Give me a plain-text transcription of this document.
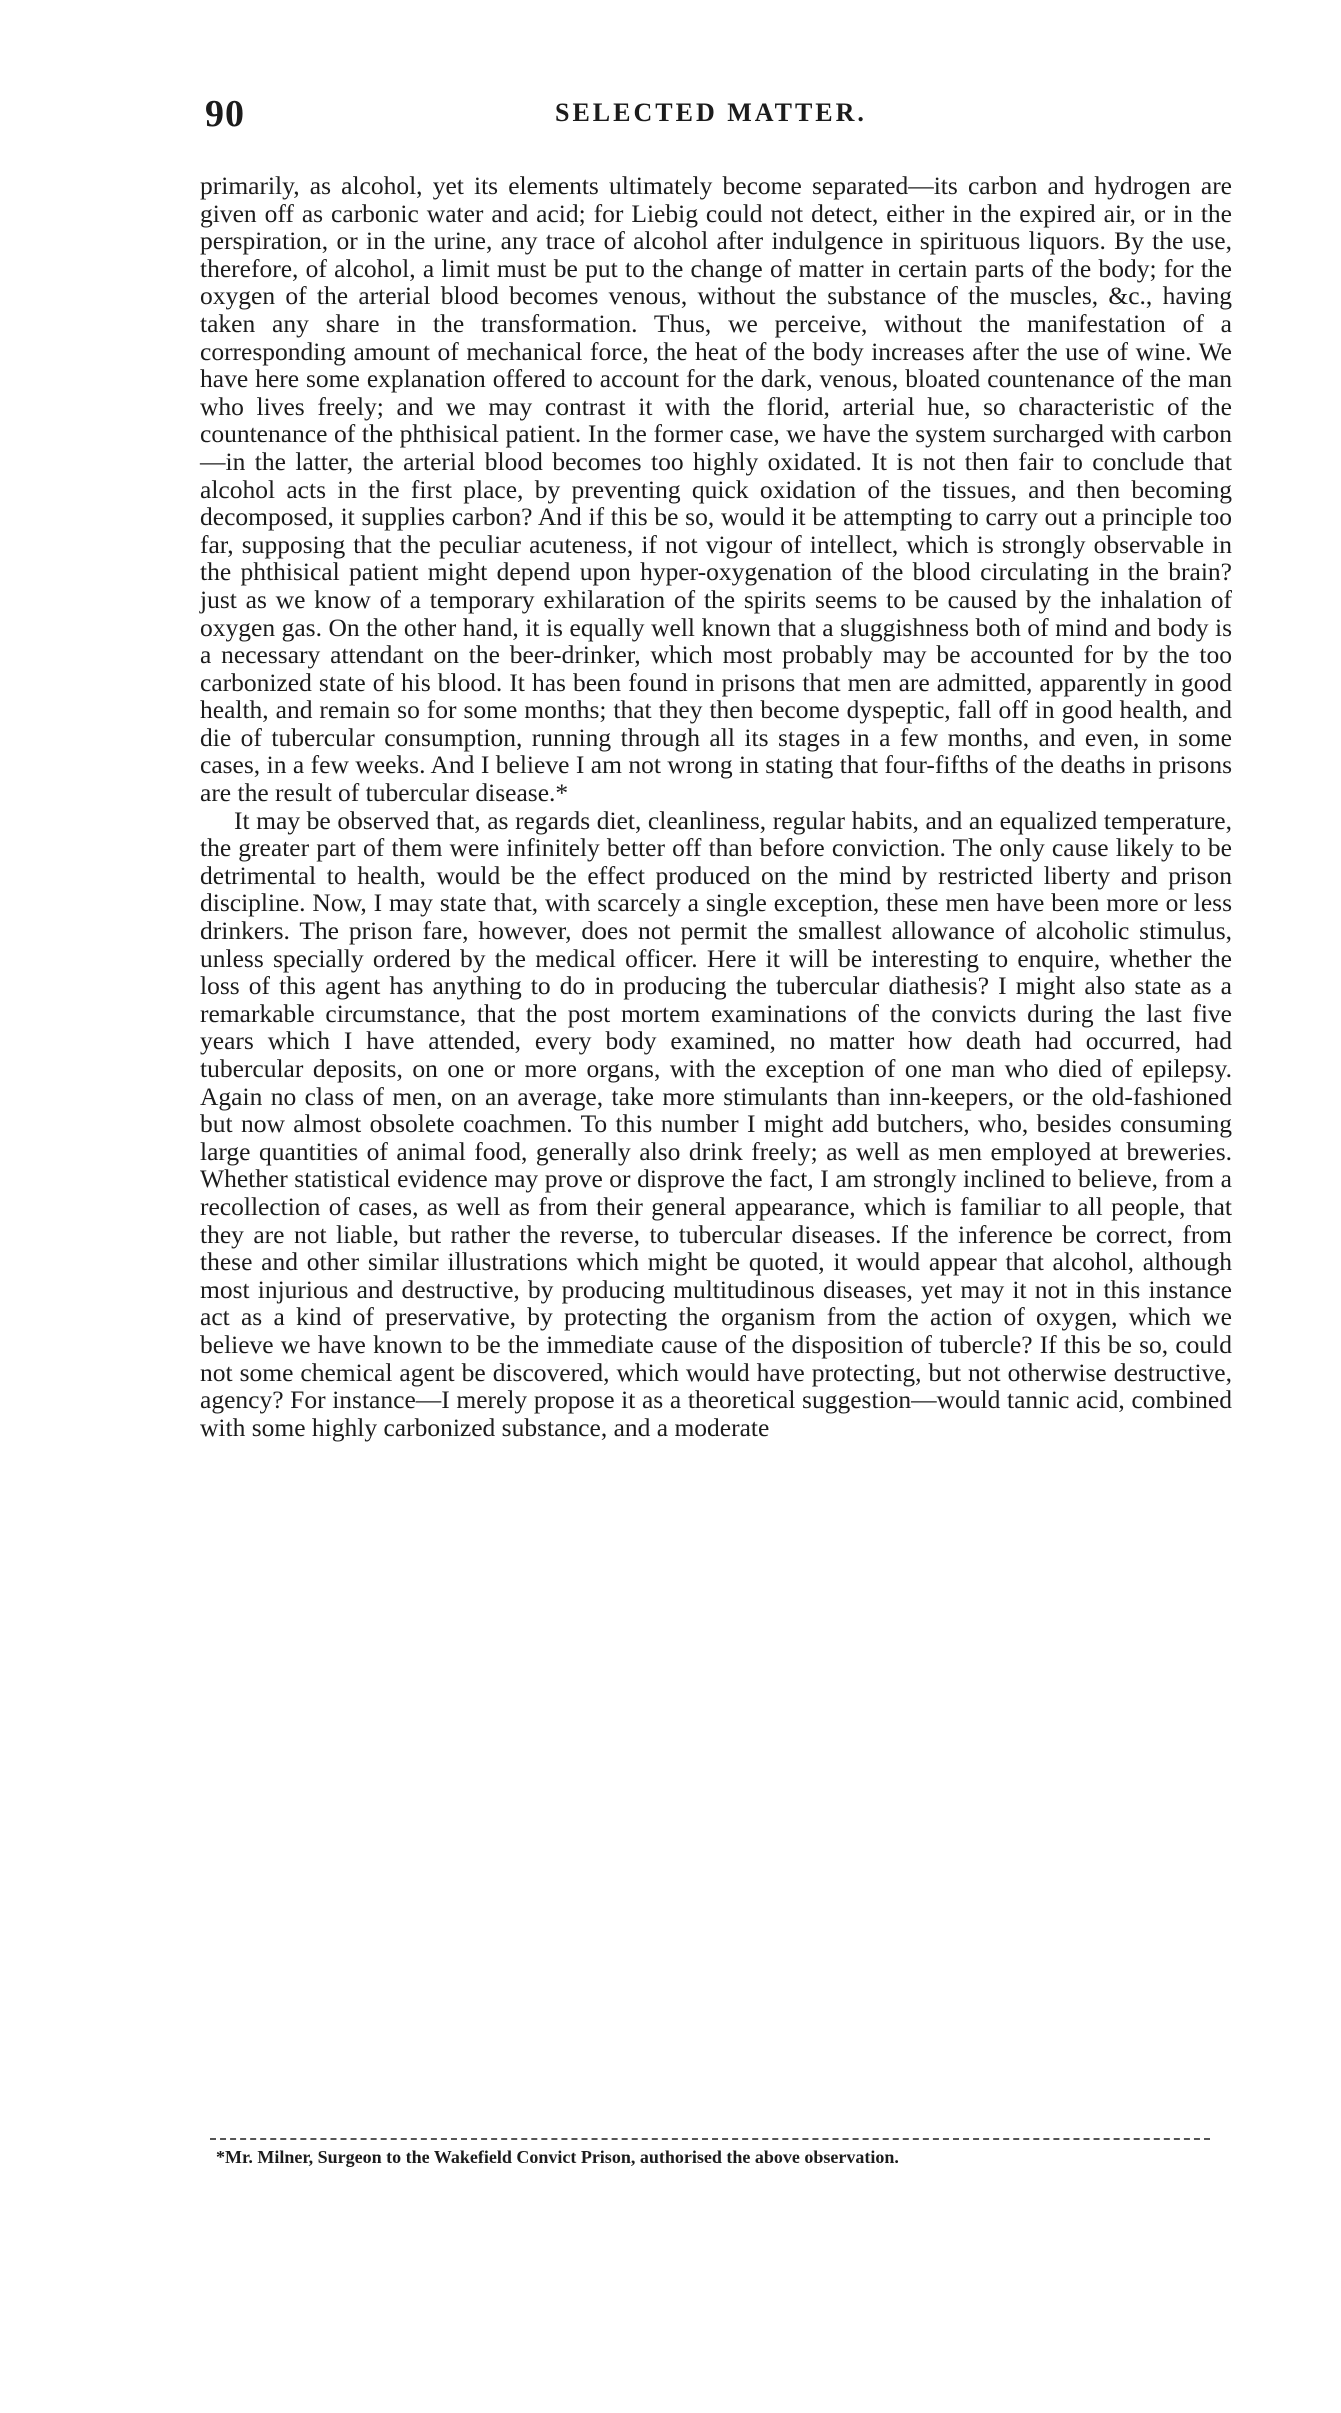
90	SELECTED MATTER.

primarily, as alcohol, yet its elements ultimately become separated—its carbon and hydrogen are given off as carbonic water and acid; for Liebig could not detect, either in the expired air, or in the perspiration, or in the urine, any trace of alcohol after indulgence in spirituous liquors. By the use, therefore, of alcohol, a limit must be put to the change of matter in certain parts of the body; for the oxygen of the arterial blood becomes venous, without the substance of the muscles, &c., having taken any share in the transformation. Thus, we perceive, without the manifestation of a corresponding amount of mechanical force, the heat of the body increases after the use of wine. We have here some explanation offered to account for the dark, venous, bloated countenance of the man who lives freely; and we may contrast it with the florid, arterial hue, so characteristic of the countenance of the phthisical patient. In the former case, we have the system surcharged with carbon—in the latter, the arterial blood becomes too highly oxidated. It is not then fair to conclude that alcohol acts in the first place, by preventing quick oxidation of the tissues, and then becoming decomposed, it supplies carbon? And if this be so, would it be attempting to carry out a principle too far, supposing that the peculiar acuteness, if not vigour of intellect, which is strongly observable in the phthisical patient might depend upon hyper-oxygenation of the blood circulating in the brain? just as we know of a temporary exhilaration of the spirits seems to be caused by the inhalation of oxygen gas. On the other hand, it is equally well known that a sluggishness both of mind and body is a necessary attendant on the beer-drinker, which most probably may be accounted for by the too carbonized state of his blood. It has been found in prisons that men are admitted, apparently in good health, and remain so for some months; that they then become dyspeptic, fall off in good health, and die of tubercular consumption, running through all its stages in a few months, and even, in some cases, in a few weeks. And I believe I am not wrong in stating that four-fifths of the deaths in prisons are the result of tubercular disease.*

It may be observed that, as regards diet, cleanliness, regular habits, and an equalized temperature, the greater part of them were infinitely better off than before conviction. The only cause likely to be detrimental to health, would be the effect produced on the mind by restricted liberty and prison discipline. Now, I may state that, with scarcely a single exception, these men have been more or less drinkers. The prison fare, however, does not permit the smallest allowance of alcoholic stimulus, unless specially ordered by the medical officer. Here it will be interesting to enquire, whether the loss of this agent has anything to do in producing the tubercular diathesis? I might also state as a remarkable circumstance, that the post mortem examinations of the convicts during the last five years which I have attended, every body examined, no matter how death had occurred, had tubercular deposits, on one or more organs, with the exception of one man who died of epilepsy. Again no class of men, on an average, take more stimulants than inn-keepers, or the old-fashioned but now almost obsolete coachmen. To this number I might add butchers, who, besides consuming large quantities of animal food, generally also drink freely; as well as men employed at breweries. Whether statistical evidence may prove or disprove the fact, I am strongly inclined to believe, from a recollection of cases, as well as from their general appearance, which is familiar to all people, that they are not liable, but rather the reverse, to tubercular diseases. If the inference be correct, from these and other similar illustrations which might be quoted, it would appear that alcohol, although most injurious and destructive, by producing multitudinous diseases, yet may it not in this instance act as a kind of preservative, by protecting the organism from the action of oxygen, which we believe we have known to be the immediate cause of the disposition of tubercle? If this be so, could not some chemical agent be discovered, which would have protecting, but not otherwise destructive, agency? For instance—I merely propose it as a theoretical suggestion—would tannic acid, combined with some highly carbonized substance, and a moderate

*Mr. Milner, Surgeon to the Wakefield Convict Prison, authorised the above observation.
